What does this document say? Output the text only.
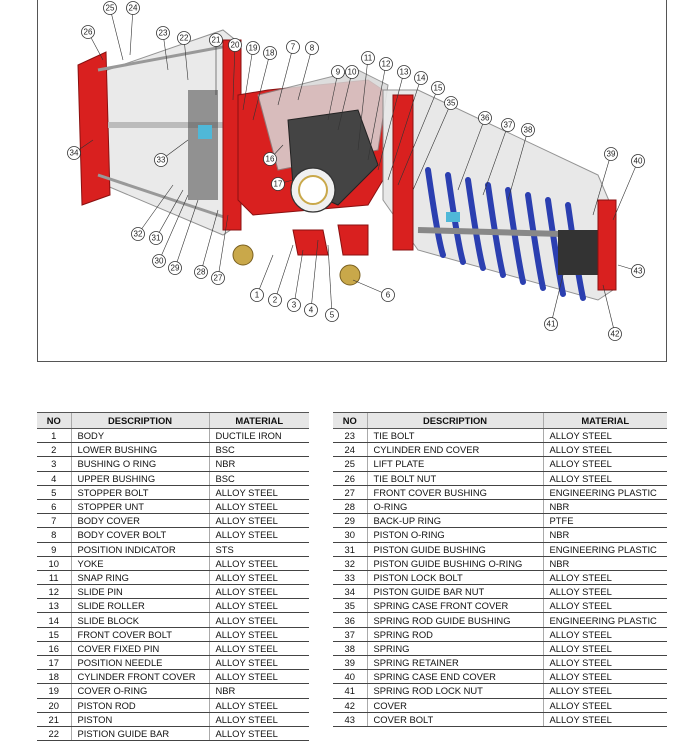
25 24
26	23
22	21
20 19
18
7 8
9 10
11
12
13
14
15
35
36
37
38
39
40
34
33	16
17
32 31
30
29 28
27
1
2
3
4
5
6
43
41
42
NO	DESCRIPTION	MATERIAL
1	BODY	DUCTILE IRON
2	LOWER BUSHING	BSC
3	BUSHING O RING	NBR
4	UPPER BUSHING	BSC
5	STOPPER BOLT	ALLOY STEEL
6	STOPPER UNT	ALLOY STEEL
7	BODY COVER	ALLOY STEEL
8	BODY COVER BOLT	ALLOY STEEL
9	POSITION INDICATOR	STS
10	YOKE	ALLOY STEEL
11	SNAP RING	ALLOY STEEL
12	SLIDE PIN	ALLOY STEEL
13	SLIDE ROLLER	ALLOY STEEL
14	SLIDE BLOCK	ALLOY STEEL
15	FRONT COVER BOLT	ALLOY STEEL
16	COVER FIXED PIN	ALLOY STEEL
17	POSITION NEEDLE	ALLOY STEEL
18	CYLINDER FRONT COVER	ALLOY STEEL
19	COVER O-RING	NBR
20	PISTON ROD	ALLOY STEEL
21	PISTON	ALLOY STEEL
22	PISTION GUIDE BAR	ALLOY STEEL
NO	DESCRIPTION	MATERIAL
23	TIE BOLT	ALLOY STEEL
24	CYLINDER END COVER	ALLOY STEEL
25	LIFT PLATE	ALLOY STEEL
26	TIE BOLT NUT	ALLOY STEEL
27	FRONT COVER BUSHING	ENGINEERING PLASTIC
28	O-RING	NBR
29	BACK-UP RING	PTFE
30	PISTON O-RING	NBR
31	PISTON GUIDE BUSHING	ENGINEERING PLASTIC
32	PISTON GUIDE BUSHING O-RING	NBR
33	PISTON LOCK BOLT	ALLOY STEEL
34	PISTON GUIDE BAR NUT	ALLOY STEEL
35	SPRING CASE FRONT COVER	ALLOY STEEL
36	SPRING ROD GUIDE BUSHING	ENGINEERING PLASTIC
37	SPRING ROD	ALLOY STEEL
38	SPRING	ALLOY STEEL
39	SPRING RETAINER	ALLOY STEEL
40	SPRING CASE END COVER	ALLOY STEEL
41	SPRING ROD LOCK NUT	ALLOY STEEL
42	COVER	ALLOY STEEL
43	COVER BOLT	ALLOY STEEL
